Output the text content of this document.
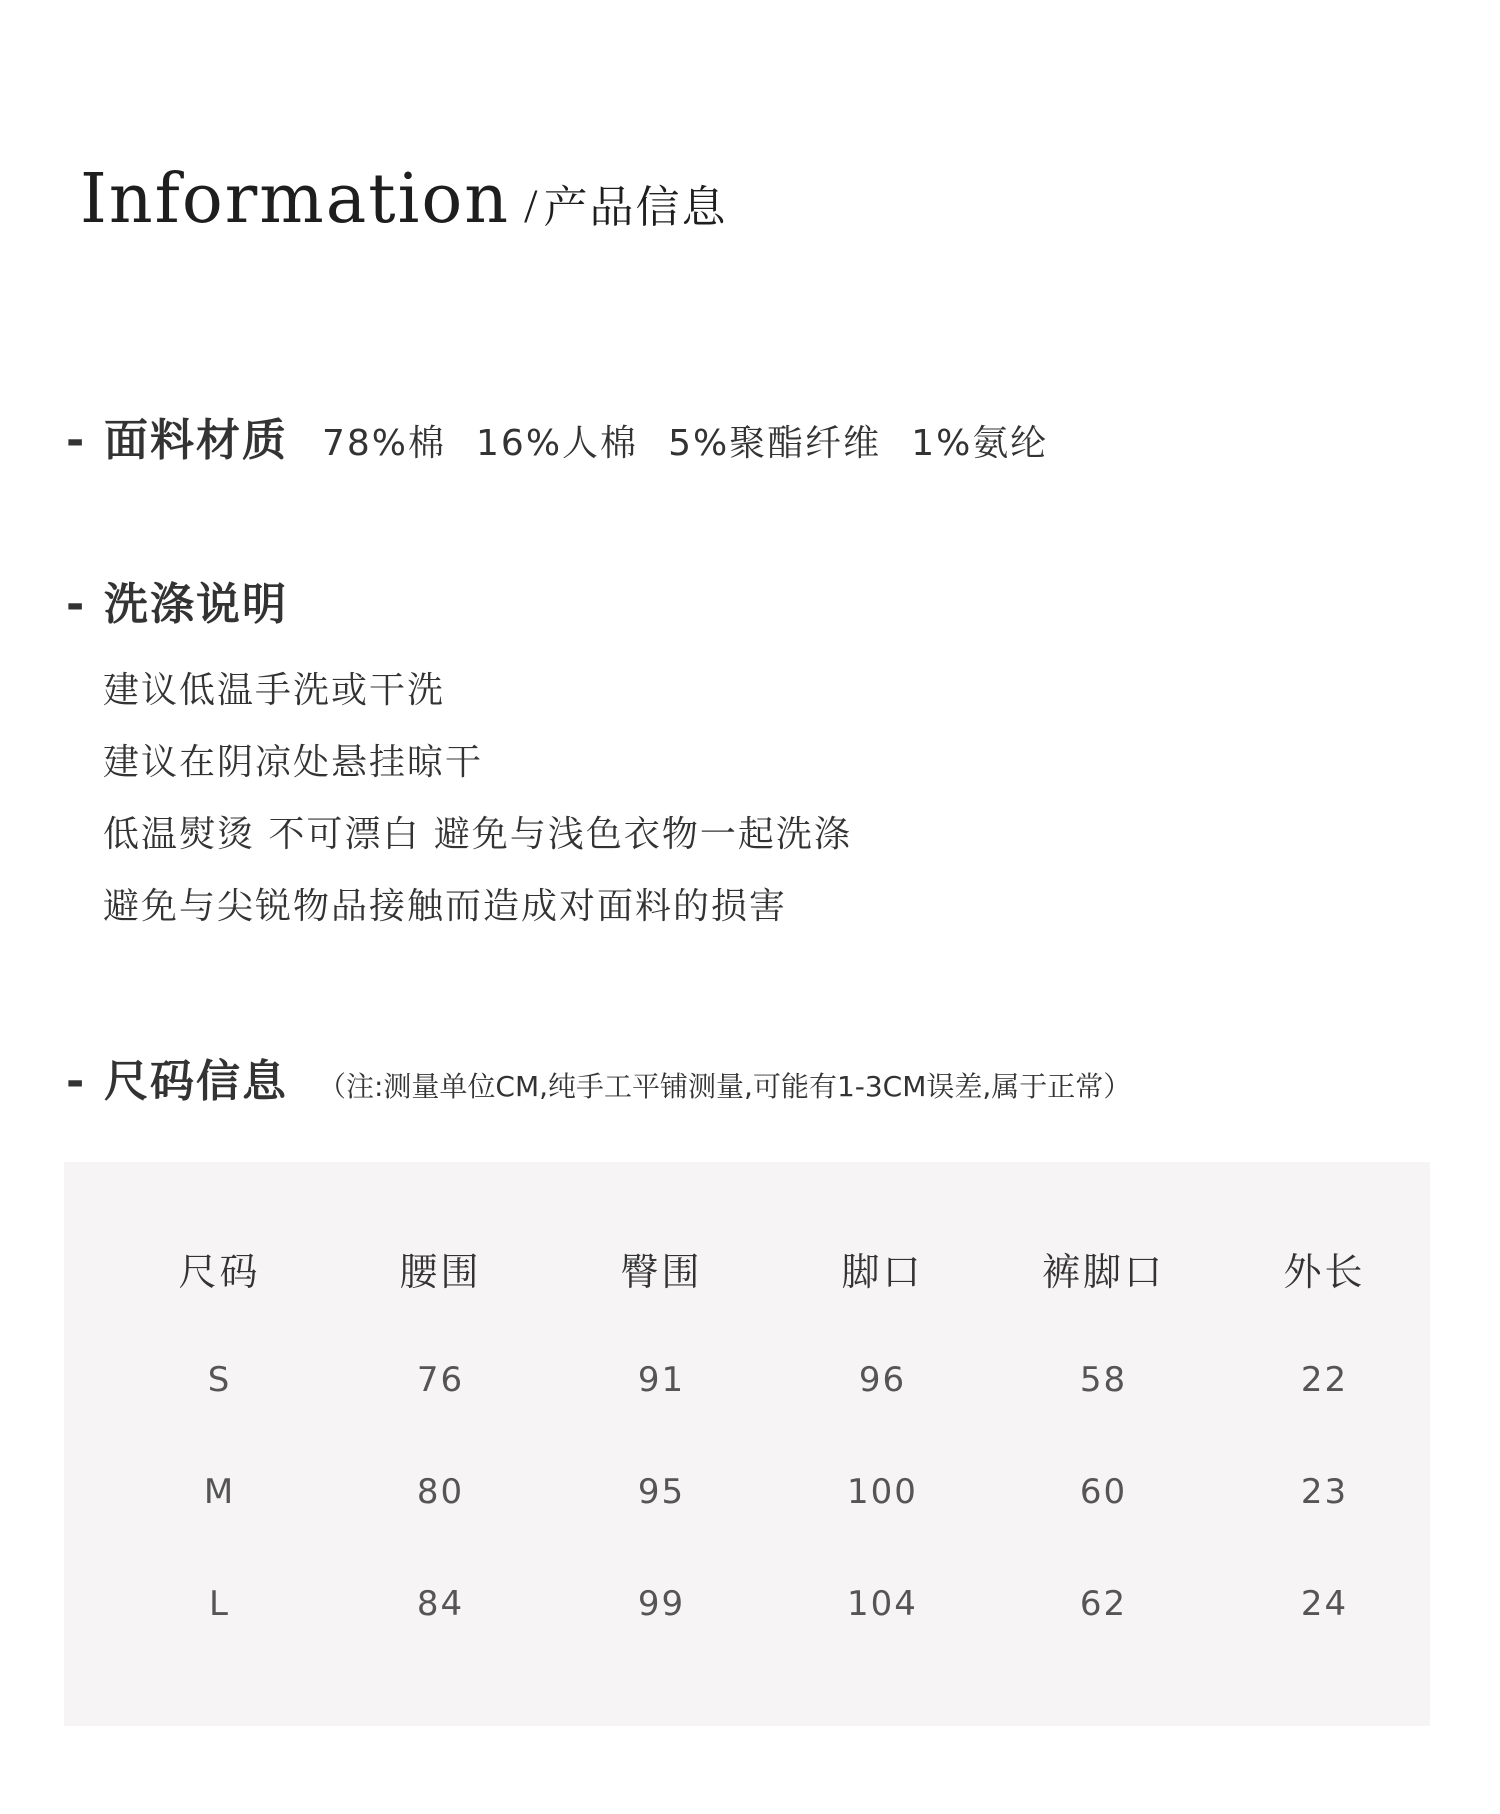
Information / 产品信息
- 面料材质 78%棉 16%人棉 5%聚酯纤维 1%氨纶
- 洗涤说明
建议低温手洗或干洗
建议在阴凉处悬挂晾干
低温熨烫 不可漂白 避免与浅色衣物一起洗涤
避免与尖锐物品接触而造成对面料的损害
- 尺码信息 （注:测量单位CM,纯手工平铺测量,可能有1-3CM误差,属于正常）
尺码	腰围	臀围	脚口	裤脚口	外长
S	76	91	96	58	22
M	80	95	100	60	23
L	84	99	104	62	24
